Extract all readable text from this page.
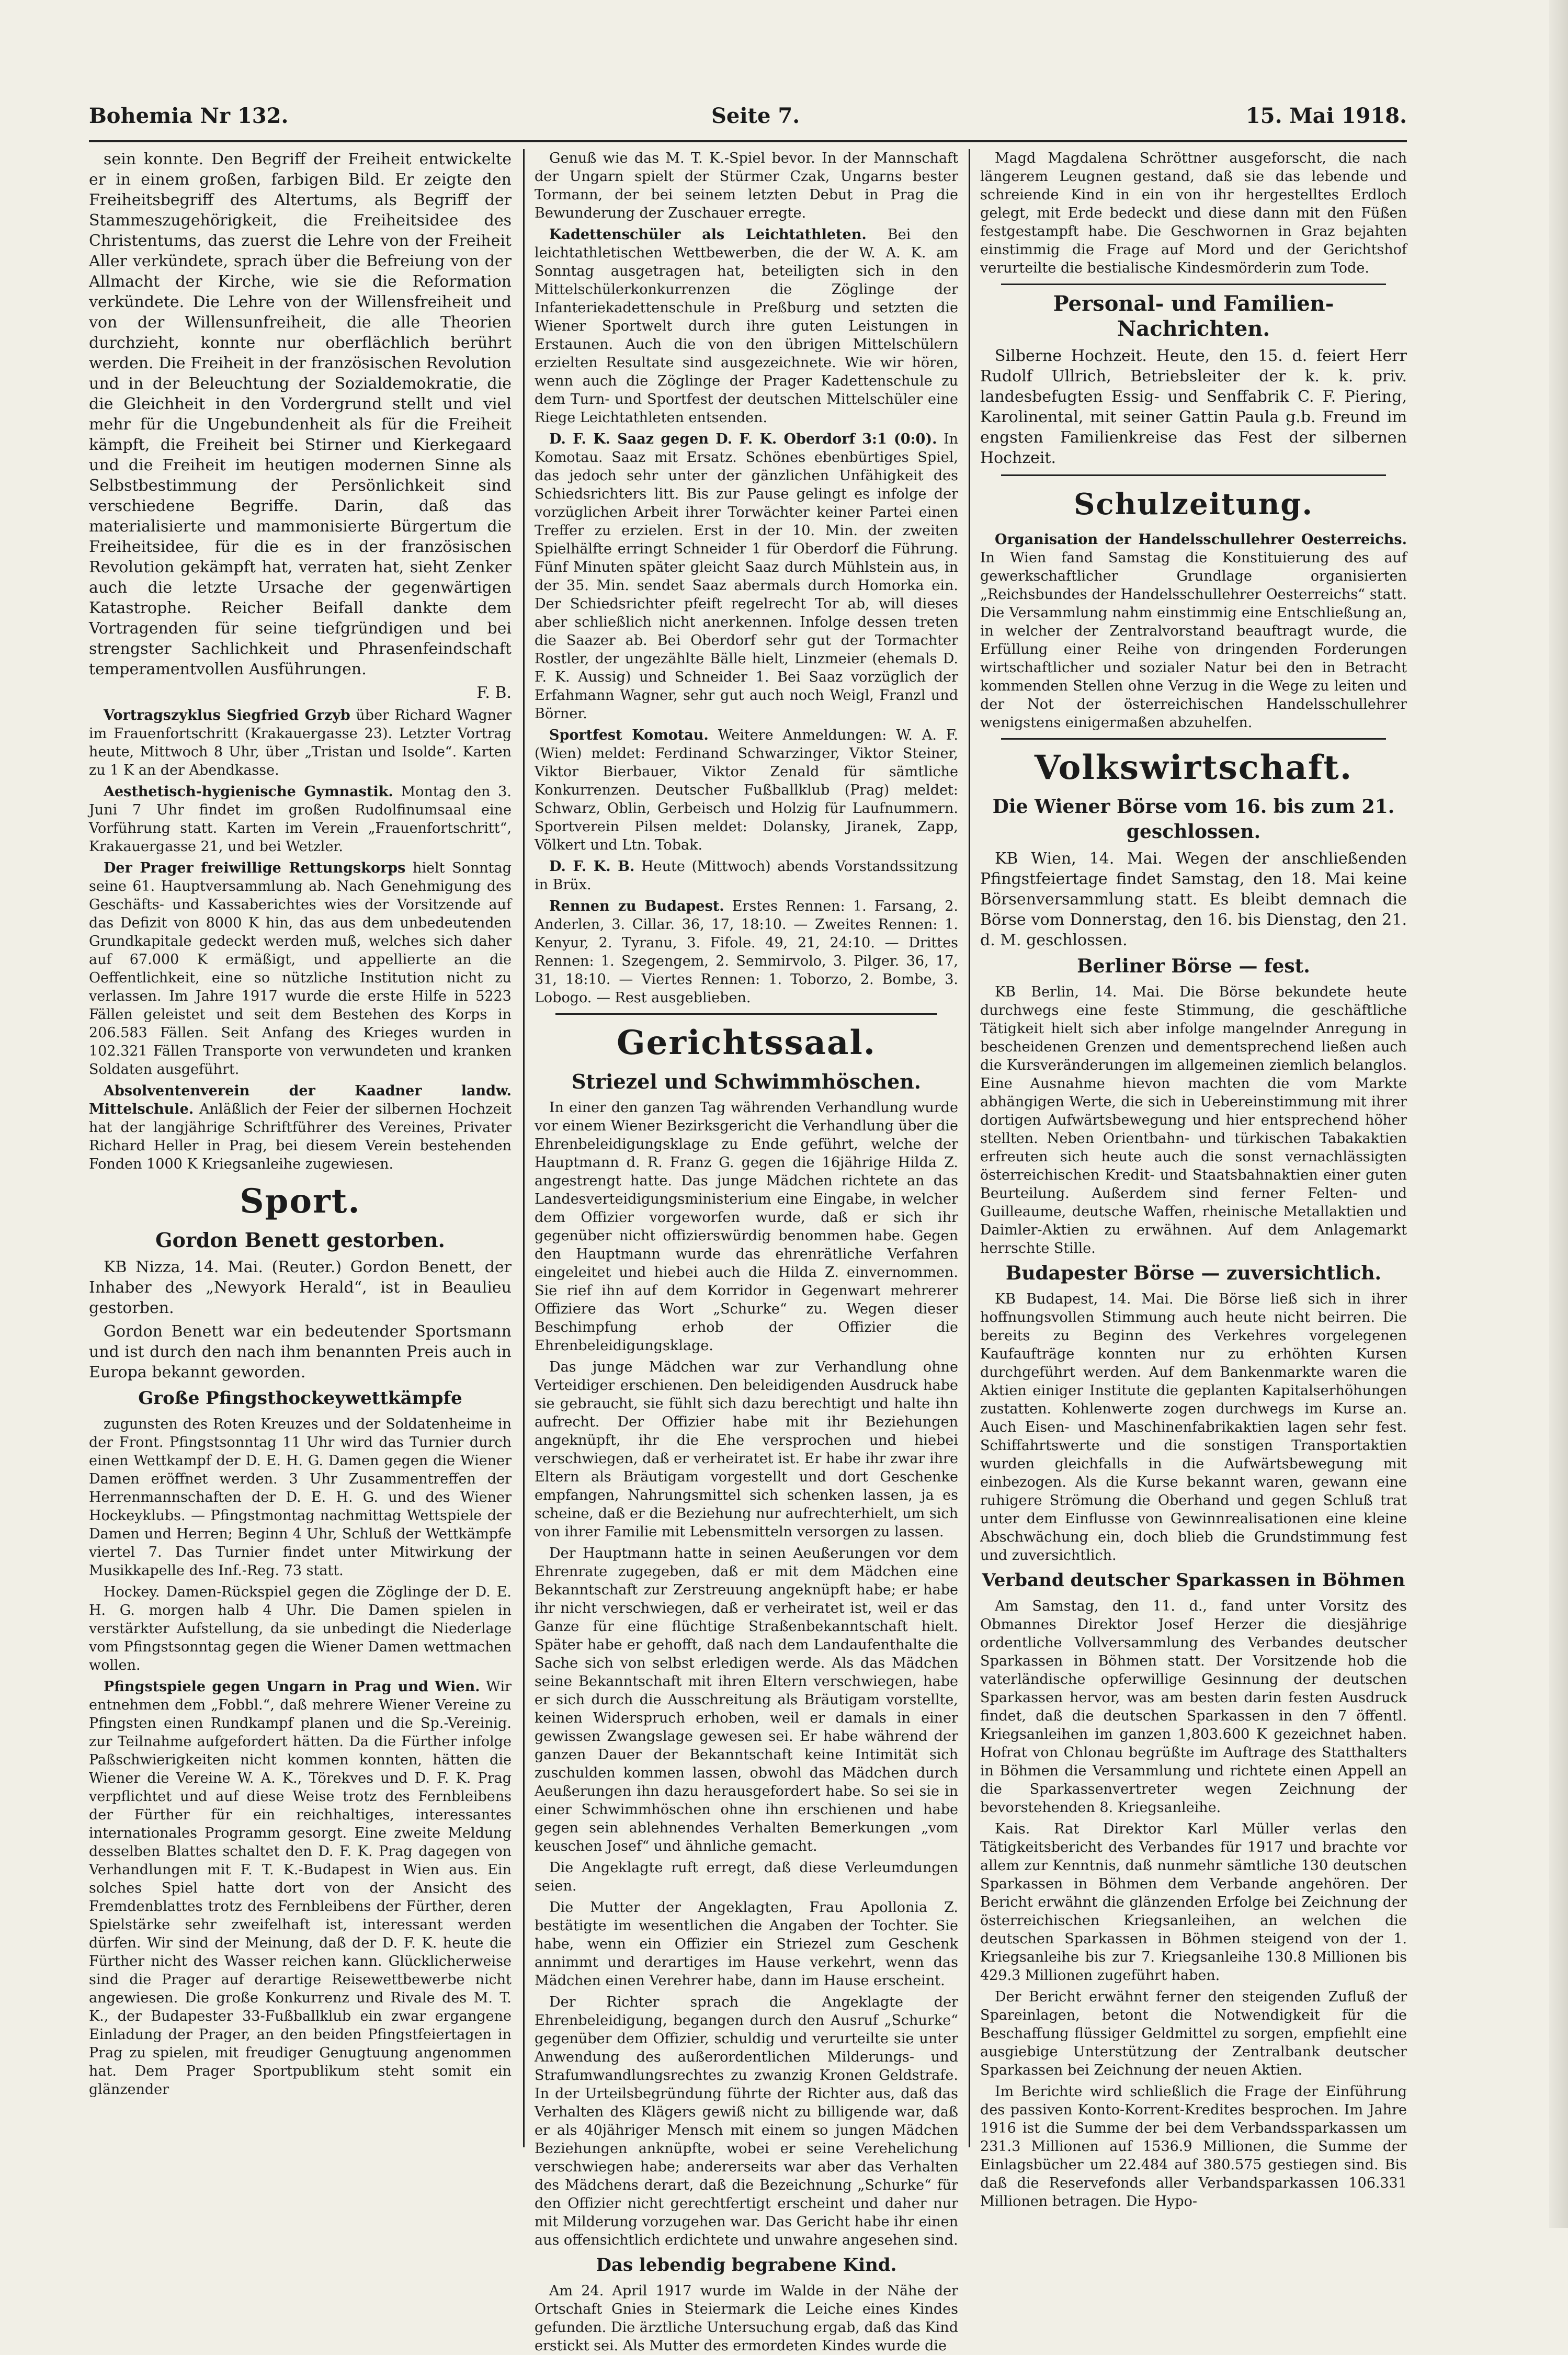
Bohemia Nr 132.	Seite 7.	15. Mai 1918.

sein konnte. Den Begriff der Freiheit entwickelte er in einem großen, farbigen Bild. Er zeigte den Freiheitsbegriff des Altertums, als Begriff der Stammeszugehörigkeit, die Freiheitsidee des Christentums, das zuerst die Lehre von der Freiheit Aller verkündete, sprach über die Befreiung von der Allmacht der Kirche, wie sie die Reformation verkündete. Die Lehre von der Willensfreiheit und von der Willensunfreiheit, die alle Theorien durchzieht, konnte nur oberflächlich berührt werden. Die Freiheit in der französischen Revolution und in der Beleuchtung der Sozialdemokratie, die die Gleichheit in den Vordergrund stellt und viel mehr für die Ungebundenheit als für die Freiheit kämpft, die Freiheit bei Stirner und Kierkegaard und die Freiheit im heutigen modernen Sinne als Selbstbestimmung der Persönlichkeit sind verschiedene Begriffe. Darin, daß das materialisierte und mammonisierte Bürgertum die Freiheitsidee, für die es in der französischen Revolution gekämpft hat, verraten hat, sieht Zenker auch die letzte Ursache der gegenwärtigen Katastrophe. Reicher Beifall dankte dem Vortragenden für seine tiefgründigen und bei strengster Sachlichkeit und Phrasenfeindschaft temperamentvollen Ausführungen.

F. B.

Vortragszyklus Siegfried Grzyb über Richard Wagner im Frauenfortschritt (Krakauergasse 23). Letzter Vortrag heute, Mittwoch 8 Uhr, über „Tristan und Isolde“. Karten zu 1 K an der Abendkasse.

Aesthetisch-hygienische Gymnastik. Montag den 3. Juni 7 Uhr findet im großen Rudolfinumsaal eine Vorführung statt. Karten im Verein „Frauenfortschritt“, Krakauergasse 21, und bei Wetzler.

Der Prager freiwillige Rettungskorps hielt Sonntag seine 61. Hauptversammlung ab. Nach Genehmigung des Geschäfts- und Kassaberichtes wies der Vorsitzende auf das Defizit von 8000 K hin, das aus dem unbedeutenden Grundkapitale gedeckt werden muß, welches sich daher auf 67.000 K ermäßigt, und appellierte an die Oeffentlichkeit, eine so nützliche Institution nicht zu verlassen. Im Jahre 1917 wurde die erste Hilfe in 5223 Fällen geleistet und seit dem Bestehen des Korps in 206.583 Fällen. Seit Anfang des Krieges wurden in 102.321 Fällen Transporte von verwundeten und kranken Soldaten ausgeführt.

Absolventenverein der Kaadner landw. Mittelschule. Anläßlich der Feier der silbernen Hochzeit hat der langjährige Schriftführer des Vereines, Privater Richard Heller in Prag, bei diesem Verein bestehenden Fonden 1000 K Kriegsanleihe zugewiesen.

Sport.
Gordon Benett gestorben.

KB Nizza, 14. Mai. (Reuter.) Gordon Benett, der Inhaber des „Newyork Herald“, ist in Beaulieu gestorben.

Gordon Benett war ein bedeutender Sportsmann und ist durch den nach ihm benannten Preis auch in Europa bekannt geworden.

Große Pfingsthockeywettkämpfe

zugunsten des Roten Kreuzes und der Soldatenheime in der Front. Pfingstsonntag 11 Uhr wird das Turnier durch einen Wettkampf der D. E. H. G. Damen gegen die Wiener Damen eröffnet werden. 3 Uhr Zusammentreffen der Herrenmannschaften der D. E. H. G. und des Wiener Hockeyklubs. — Pfingstmontag nachmittag Wettspiele der Damen und Herren; Beginn 4 Uhr, Schluß der Wettkämpfe viertel 7. Das Turnier findet unter Mitwirkung der Musikkapelle des Inf.-Reg. 73 statt.

Hockey. Damen-Rückspiel gegen die Zöglinge der D. E. H. G. morgen halb 4 Uhr. Die Damen spielen in verstärkter Aufstellung, da sie unbedingt die Niederlage vom Pfingstsonntag gegen die Wiener Damen wettmachen wollen.

Pfingstspiele gegen Ungarn in Prag und Wien. Wir entnehmen dem „Fobbl.“, daß mehrere Wiener Vereine zu Pfingsten einen Rundkampf planen und die Sp.-Vereinig. zur Teilnahme aufgefordert hätten. Da die Fürther infolge Paßschwierigkeiten nicht kommen konnten, hätten die Wiener die Vereine W. A. K., Törekves und D. F. K. Prag verpflichtet und auf diese Weise trotz des Fernbleibens der Fürther für ein reichhaltiges, interessantes internationales Programm gesorgt. Eine zweite Meldung desselben Blattes schaltet den D. F. K. Prag dagegen von Verhandlungen mit F. T. K.-Budapest in Wien aus. Ein solches Spiel hatte dort von der Ansicht des Fremdenblattes trotz des Fernbleibens der Fürther, deren Spielstärke sehr zweifelhaft ist, interessant werden dürfen. Wir sind der Meinung, daß der D. F. K. heute die Fürther nicht des Wasser reichen kann. Glücklicherweise sind die Prager auf derartige Reisewettbewerbe nicht angewiesen. Die große Konkurrenz und Rivale des M. T. K., der Budapester 33-Fußballklub ein zwar ergangene Einladung der Prager, an den beiden Pfingstfeiertagen in Prag zu spielen, mit freudiger Genugtuung angenommen hat. Dem Prager Sportpublikum steht somit ein glänzender

Genuß wie das M. T. K.-Spiel bevor. In der Mannschaft der Ungarn spielt der Stürmer Czak, Ungarns bester Tormann, der bei seinem letzten Debut in Prag die Bewunderung der Zuschauer erregte.

Kadettenschüler als Leichtathleten. Bei den leichtathletischen Wettbewerben, die der W. A. K. am Sonntag ausgetragen hat, beteiligten sich in den Mittelschülerkonkurrenzen die Zöglinge der Infanteriekadettenschule in Preßburg und setzten die Wiener Sportwelt durch ihre guten Leistungen in Erstaunen. Auch die von den übrigen Mittelschülern erzielten Resultate sind ausgezeichnete. Wie wir hören, wenn auch die Zöglinge der Prager Kadettenschule zu dem Turn- und Sportfest der deutschen Mittelschüler eine Riege Leichtathleten entsenden.

D. F. K. Saaz gegen D. F. K. Oberdorf 3:1 (0:0). In Komotau. Saaz mit Ersatz. Schönes ebenbürtiges Spiel, das jedoch sehr unter der gänzlichen Unfähigkeit des Schiedsrichters litt. Bis zur Pause gelingt es infolge der vorzüglichen Arbeit ihrer Torwächter keiner Partei einen Treffer zu erzielen. Erst in der 10. Min. der zweiten Spielhälfte erringt Schneider 1 für Oberdorf die Führung. Fünf Minuten später gleicht Saaz durch Mühlstein aus, in der 35. Min. sendet Saaz abermals durch Homorka ein. Der Schiedsrichter pfeift regelrecht Tor ab, will dieses aber schließlich nicht anerkennen. Infolge dessen treten die Saazer ab. Bei Oberdorf sehr gut der Tormachter Rostler, der ungezählte Bälle hielt, Linzmeier (ehemals D. F. K. Aussig) und Schneider 1. Bei Saaz vorzüglich der Erfahmann Wagner, sehr gut auch noch Weigl, Franzl und Börner.

Sportfest Komotau. Weitere Anmeldungen: W. A. F. (Wien) meldet: Ferdinand Schwarzinger, Viktor Steiner, Viktor Bierbauer, Viktor Zenald für sämtliche Konkurrenzen. Deutscher Fußballklub (Prag) meldet: Schwarz, Oblin, Gerbeisch und Holzig für Laufnummern. Sportverein Pilsen meldet: Dolansky, Jiranek, Zapp, Völkert und Ltn. Tobak.

D. F. K. B. Heute (Mittwoch) abends Vorstandssitzung in Brüx.

Rennen zu Budapest. Erstes Rennen: 1. Farsang, 2. Anderlen, 3. Cillar. 36, 17, 18:10. — Zweites Rennen: 1. Kenyur, 2. Tyranu, 3. Fifole. 49, 21, 24:10. — Drittes Rennen: 1. Szegengem, 2. Semmirvolo, 3. Pilger. 36, 17, 31, 18:10. — Viertes Rennen: 1. Toborzo, 2. Bombe, 3. Lobogo. — Rest ausgeblieben.

Gerichtssaal.
Striezel und Schwimmhöschen.

In einer den ganzen Tag währenden Verhandlung wurde vor einem Wiener Bezirksgericht die Verhandlung über die Ehrenbeleidigungsklage zu Ende geführt, welche der Hauptmann d. R. Franz G. gegen die 16jährige Hilda Z. angestrengt hatte. Das junge Mädchen richtete an das Landesverteidigungsministerium eine Eingabe, in welcher dem Offizier vorgeworfen wurde, daß er sich ihr gegenüber nicht offizierswürdig benommen habe. Gegen den Hauptmann wurde das ehrenrätliche Verfahren eingeleitet und hiebei auch die Hilda Z. einvernommen. Sie rief ihn auf dem Korridor in Gegenwart mehrerer Offiziere das Wort „Schurke“ zu. Wegen dieser Beschimpfung erhob der Offizier die Ehrenbeleidigungsklage.

Das junge Mädchen war zur Verhandlung ohne Verteidiger erschienen. Den beleidigenden Ausdruck habe sie gebraucht, sie fühlt sich dazu berechtigt und halte ihn aufrecht. Der Offizier habe mit ihr Beziehungen angeknüpft, ihr die Ehe versprochen und hiebei verschwiegen, daß er verheiratet ist. Er habe ihr zwar ihre Eltern als Bräutigam vorgestellt und dort Geschenke empfangen, Nahrungsmittel sich schenken lassen, ja es scheine, daß er die Beziehung nur aufrechterhielt, um sich von ihrer Familie mit Lebensmitteln versorgen zu lassen.

Der Hauptmann hatte in seinen Aeußerungen vor dem Ehrenrate zugegeben, daß er mit dem Mädchen eine Bekanntschaft zur Zerstreuung angeknüpft habe; er habe ihr nicht verschwiegen, daß er verheiratet ist, weil er das Ganze für eine flüchtige Straßenbekanntschaft hielt. Später habe er gehofft, daß nach dem Landaufenthalte die Sache sich von selbst erledigen werde. Als das Mädchen seine Bekanntschaft mit ihren Eltern verschwiegen, habe er sich durch die Ausschreitung als Bräutigam vorstellte, keinen Widerspruch erhoben, weil er damals in einer gewissen Zwangslage gewesen sei. Er habe während der ganzen Dauer der Bekanntschaft keine Intimität sich zuschulden kommen lassen, obwohl das Mädchen durch Aeußerungen ihn dazu herausgefordert habe. So sei sie in einer Schwimmhöschen ohne ihn erschienen und habe gegen sein ablehnendes Verhalten Bemerkungen „vom keuschen Josef“ und ähnliche gemacht.

Die Angeklagte ruft erregt, daß diese Verleumdungen seien.

Die Mutter der Angeklagten, Frau Apollonia Z. bestätigte im wesentlichen die Angaben der Tochter. Sie habe, wenn ein Offizier ein Striezel zum Geschenk annimmt und derartiges im Hause verkehrt, wenn das Mädchen einen Verehrer habe, dann im Hause erscheint.

Der Richter sprach die Angeklagte der Ehrenbeleidigung, begangen durch den Ausruf „Schurke“ gegenüber dem Offizier, schuldig und verurteilte sie unter Anwendung des außerordentlichen Milderungs- und Strafumwandlungsrechtes zu zwanzig Kronen Geldstrafe. In der Urteilsbegründung führte der Richter aus, daß das Verhalten des Klägers gewiß nicht zu billigende war, daß er als 40jähriger Mensch mit einem so jungen Mädchen Beziehungen anknüpfte, wobei er seine Verehelichung verschwiegen habe; andererseits war aber das Verhalten des Mädchens derart, daß die Bezeichnung „Schurke“ für den Offizier nicht gerechtfertigt erscheint und daher nur mit Milderung vorzugehen war. Das Gericht habe ihr einen aus offensichtlich erdichtete und unwahre angesehen sind.

Das lebendig begrabene Kind.

Am 24. April 1917 wurde im Walde in der Nähe der Ortschaft Gnies in Steiermark die Leiche eines Kindes gefunden. Die ärztliche Untersuchung ergab, daß das Kind erstickt sei. Als Mutter des ermordeten Kindes wurde die

Magd Magdalena Schröttner ausgeforscht, die nach längerem Leugnen gestand, daß sie das lebende und schreiende Kind in ein von ihr hergestelltes Erdloch gelegt, mit Erde bedeckt und diese dann mit den Füßen festgestampft habe. Die Geschwornen in Graz bejahten einstimmig die Frage auf Mord und der Gerichtshof verurteilte die bestialische Kindesmörderin zum Tode.

Personal- und Familien-Nachrichten.

Silberne Hochzeit. Heute, den 15. d. feiert Herr Rudolf Ullrich, Betriebsleiter der k. k. priv. landesbefugten Essig- und Senffabrik C. F. Piering, Karolinental, mit seiner Gattin Paula g.b. Freund im engsten Familienkreise das Fest der silbernen Hochzeit.

Schulzeitung.

Organisation der Handelsschullehrer Oesterreichs. In Wien fand Samstag die Konstituierung des auf gewerkschaftlicher Grundlage organisierten „Reichsbundes der Handelsschullehrer Oesterreichs“ statt. Die Versammlung nahm einstimmig eine Entschließung an, in welcher der Zentralvorstand beauftragt wurde, die Erfüllung einer Reihe von dringenden Forderungen wirtschaftlicher und sozialer Natur bei den in Betracht kommenden Stellen ohne Verzug in die Wege zu leiten und der Not der österreichischen Handelsschullehrer wenigstens einigermaßen abzuhelfen.

Volkswirtschaft.
Die Wiener Börse vom 16. bis zum 21. geschlossen.

KB Wien, 14. Mai. Wegen der anschließenden Pfingstfeiertage findet Samstag, den 18. Mai keine Börsenversammlung statt. Es bleibt demnach die Börse vom Donnerstag, den 16. bis Dienstag, den 21. d. M. geschlossen.

Berliner Börse — fest.

KB Berlin, 14. Mai. Die Börse bekundete heute durchwegs eine feste Stimmung, die geschäftliche Tätigkeit hielt sich aber infolge mangelnder Anregung in bescheidenen Grenzen und dementsprechend ließen auch die Kursveränderungen im allgemeinen ziemlich belanglos. Eine Ausnahme hievon machten die vom Markte abhängigen Werte, die sich in Uebereinstimmung mit ihrer dortigen Aufwärtsbewegung und hier entsprechend höher stellten. Neben Orientbahn- und türkischen Tabakaktien erfreuten sich heute auch die sonst vernachlässigten österreichischen Kredit- und Staatsbahnaktien einer guten Beurteilung. Außerdem sind ferner Felten- und Guilleaume, deutsche Waffen, rheinische Metallaktien und Daimler-Aktien zu erwähnen. Auf dem Anlagemarkt herrschte Stille.

Budapester Börse — zuversichtlich.

KB Budapest, 14. Mai. Die Börse ließ sich in ihrer hoffnungsvollen Stimmung auch heute nicht beirren. Die bereits zu Beginn des Verkehres vorgelegenen Kaufaufträge konnten nur zu erhöhten Kursen durchgeführt werden. Auf dem Bankenmarkte waren die Aktien einiger Institute die geplanten Kapitalserhöhungen zustatten. Kohlenwerte zogen durchwegs im Kurse an. Auch Eisen- und Maschinenfabrikaktien lagen sehr fest. Schiffahrtswerte und die sonstigen Transportaktien wurden gleichfalls in die Aufwärtsbewegung mit einbezogen. Als die Kurse bekannt waren, gewann eine ruhigere Strömung die Oberhand und gegen Schluß trat unter dem Einflusse von Gewinnrealisationen eine kleine Abschwächung ein, doch blieb die Grundstimmung fest und zuversichtlich.

Verband deutscher Sparkassen in Böhmen

Am Samstag, den 11. d., fand unter Vorsitz des Obmannes Direktor Josef Herzer die diesjährige ordentliche Vollversammlung des Verbandes deutscher Sparkassen in Böhmen statt. Der Vorsitzende hob die vaterländische opferwillige Gesinnung der deutschen Sparkassen hervor, was am besten darin festen Ausdruck findet, daß die deutschen Sparkassen in den 7 öffentl. Kriegsanleihen im ganzen 1,803.600 K gezeichnet haben. Hofrat von Chlonau begrüßte im Auftrage des Statthalters in Böhmen die Versammlung und richtete einen Appell an die Sparkassenvertreter wegen Zeichnung der bevorstehenden 8. Kriegsanleihe.

Kais. Rat Direktor Karl Müller verlas den Tätigkeitsbericht des Verbandes für 1917 und brachte vor allem zur Kenntnis, daß nunmehr sämtliche 130 deutschen Sparkassen in Böhmen dem Verbande angehören. Der Bericht erwähnt die glänzenden Erfolge bei Zeichnung der österreichischen Kriegsanleihen, an welchen die deutschen Sparkassen in Böhmen steigend von der 1. Kriegsanleihe bis zur 7. Kriegsanleihe 130.8 Millionen bis 429.3 Millionen zugeführt haben.

Der Bericht erwähnt ferner den steigenden Zufluß der Spareinlagen, betont die Notwendigkeit für die Beschaffung flüssiger Geldmittel zu sorgen, empfiehlt eine ausgiebige Unterstützung der Zentralbank deutscher Sparkassen bei Zeichnung der neuen Aktien.

Im Berichte wird schließlich die Frage der Einführung des passiven Konto-Korrent-Kredites besprochen. Im Jahre 1916 ist die Summe der bei dem Verbandssparkassen um 231.3 Millionen auf 1536.9 Millionen, die Summe der Einlagsbücher um 22.484 auf 380.575 gestiegen sind. Bis daß die Reservefonds aller Verbandsparkassen 106.331 Millionen betragen. Die Hypo-
